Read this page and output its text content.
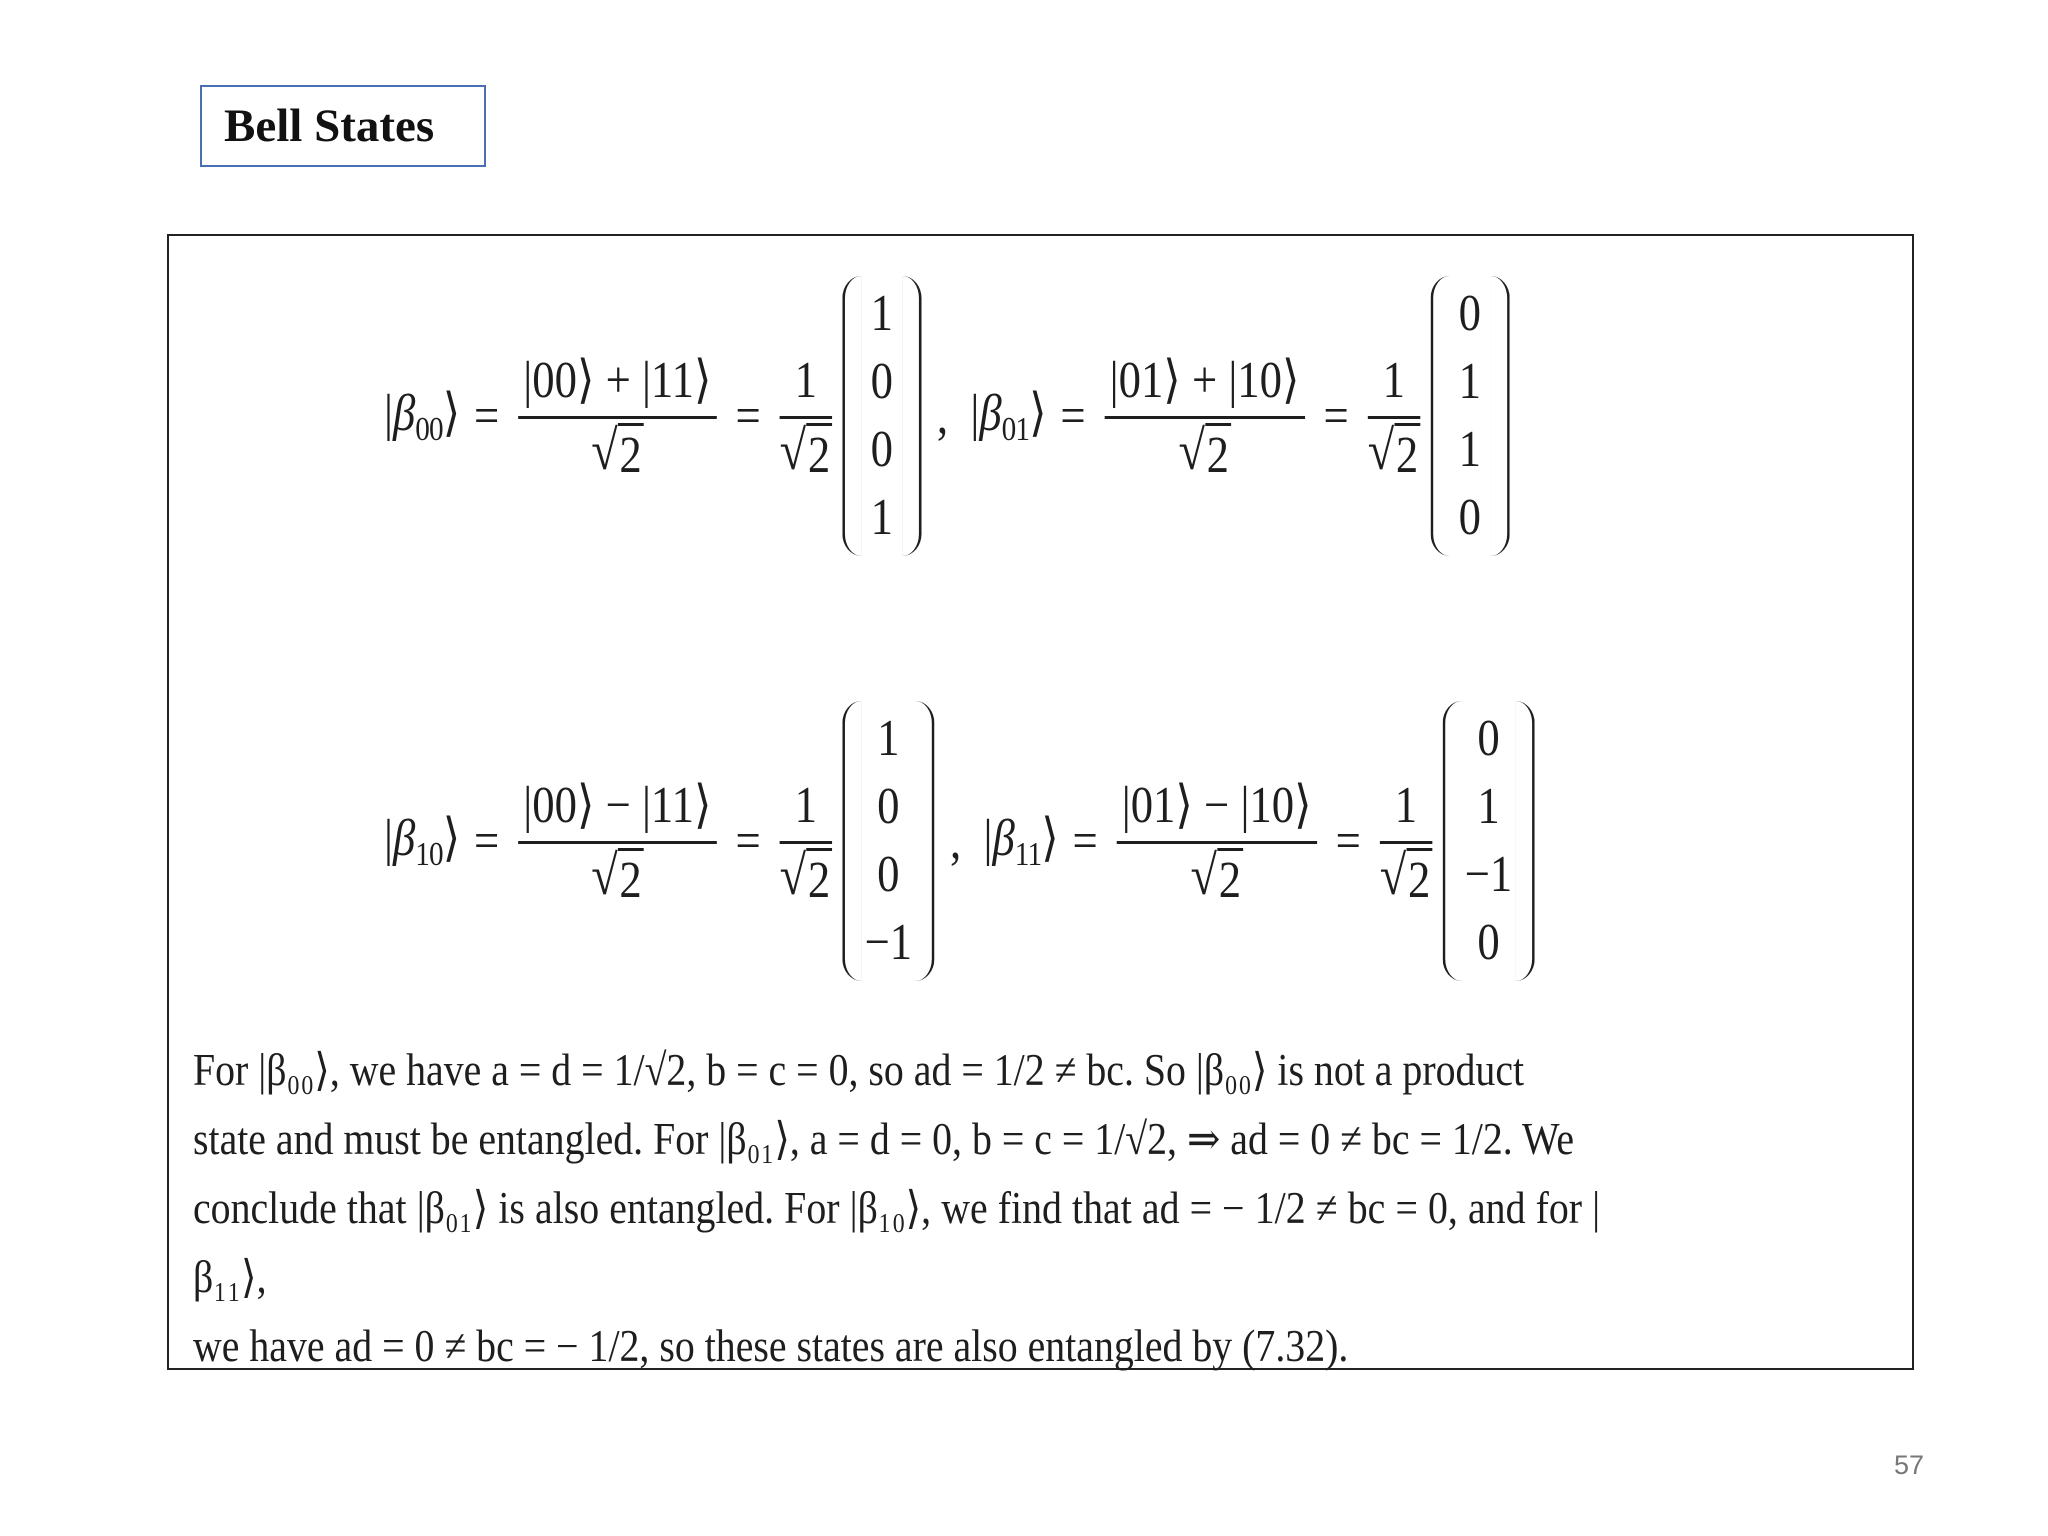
Bell States
$|\beta_{00}⟩ = \frac{|00⟩ + |11⟩}{√ 2} = \frac{1}{√ 2}$
1
0
0
1
, $|\beta_{01}⟩ = \frac{|01⟩ + |10⟩}{√ 2} = \frac{1}{√ 2}$
0
1
1
0
$|\beta_{10}⟩ = \frac{|00⟩ - |11⟩}{√ 2} = \frac{1}{√ 2}$
1
0
0
−1
, $|\beta_{11}⟩ = \frac{|01⟩ - |10⟩}{√ 2} = \frac{1}{√ 2}$
0
1
−1
0

For |β₀₀⟩, we have a = d = 1/√2, b = c = 0, so ad = 1/2 ≠ bc. So |β₀₀⟩ is not a product

state and must be entangled. For |β₀₁⟩, a = d = 0, b = c = 1/√2, ⇒ ad = 0 ≠ bc = 1/2. We

conclude that |β₀₁⟩ is also entangled. For |β₁₀⟩, we find that ad = − 1/2 ≠ bc = 0, and for |β₁₁⟩,

we have ad = 0 ≠ bc = − 1/2, so these states are also entangled by (7.32).

57
